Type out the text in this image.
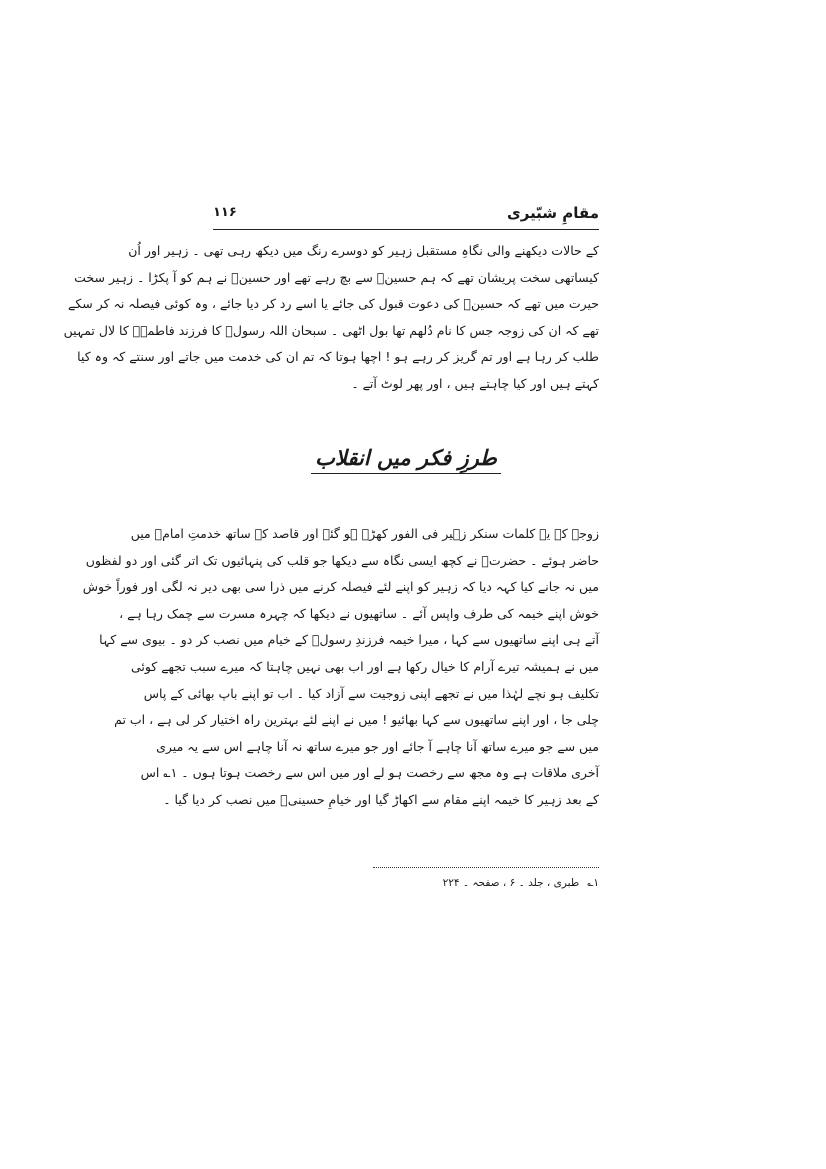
مقامِ شبّیری
۱۱۶
کے حالات دیکھنے والی نگاہِ مستقبل زہیر کو دوسرے رنگ میں دیکھ رہی تھی ۔ زہیر اور اُن
کیساتھی سخت پریشان تھے کہ ہم حسینؑ سے بچ رہے تھے اور حسینؑ نے ہم کو آ پکڑا ۔ زہیر سخت
حیرت میں تھے کہ حسینؑ کی دعوت قبول کی جائے یا اسے رد کر دیا جائے ، وہ کوئی فیصلہ نہ کر سکے
تھے کہ ان کی زوجہ جس کا نام دُلھم تھا بول اٹھی ۔ سبحان اللہ رسولؐ کا فرزند فاطمہؑ کا لال تمہیں
طلب کر رہا ہے اور تم گریز کر رہے ہو ! اچھا ہوتا کہ تم ان کی خدمت میں جاتے اور سنتے کہ وہ کیا
کہتے ہیں اور کیا چاہتے ہیں ، اور پھر لوٹ آتے ۔
طرزِ فکر میں انقلاب
زوجہ کے یہ کلمات سنکر زہیر فی الفور کھڑے ہو گئے اور قاصد کے ساتھ خدمتِ امامؑ میں
حاضر ہوئے ۔ حضرتؑ نے کچھ ایسی نگاہ سے دیکھا جو قلب کی پنہائیوں تک اتر گئی اور دو لفظوں
میں نہ جانے کیا کہہ دیا کہ زہیر کو اپنے لئے فیصلہ کرنے میں ذرا سی بھی دیر نہ لگی اور فوراً خوش
خوش اپنے خیمہ کی طرف واپس آئے ۔ ساتھیوں نے دیکھا کہ چہرہ مسرت سے چمک رہا ہے ،
آتے ہی اپنے ساتھیوں سے کہا ، میرا خیمہ فرزندِ رسولؐ کے خیام میں نصب کر دو ۔ بیوی سے کہا
میں نے ہمیشہ تیرے آرام کا خیال رکھا ہے اور اب بھی نہیں چاہتا کہ میرے سبب تجھے کوئی
تکلیف ہو نچے لہٰذا میں نے تجھے اپنی زوجیت سے آزاد کیا ۔ اب تو اپنے باپ بھائی کے پاس
چلی جا ، اور اپنے ساتھیوں سے کہا بھائیو ! میں نے اپنے لئے بہترین راہ اختیار کر لی ہے ، اب تم
میں سے جو میرے ساتھ آنا چاہے آ جائے اور جو میرے ساتھ نہ آنا چاہے اس سے یہ میری
آخری ملاقات ہے وہ مجھ سے رخصت ہو لے اور میں اس سے رخصت ہوتا ہوں ۔ ۱؎ اس
کے بعد زہیر کا خیمہ اپنے مقام سے اکھاڑ گیا اور خیامِ حسینیؑ میں نصب کر دیا گیا ۔
۱؎طبری ، جلد ۔ ۶ ، صفحہ ۔ ۲۲۴
